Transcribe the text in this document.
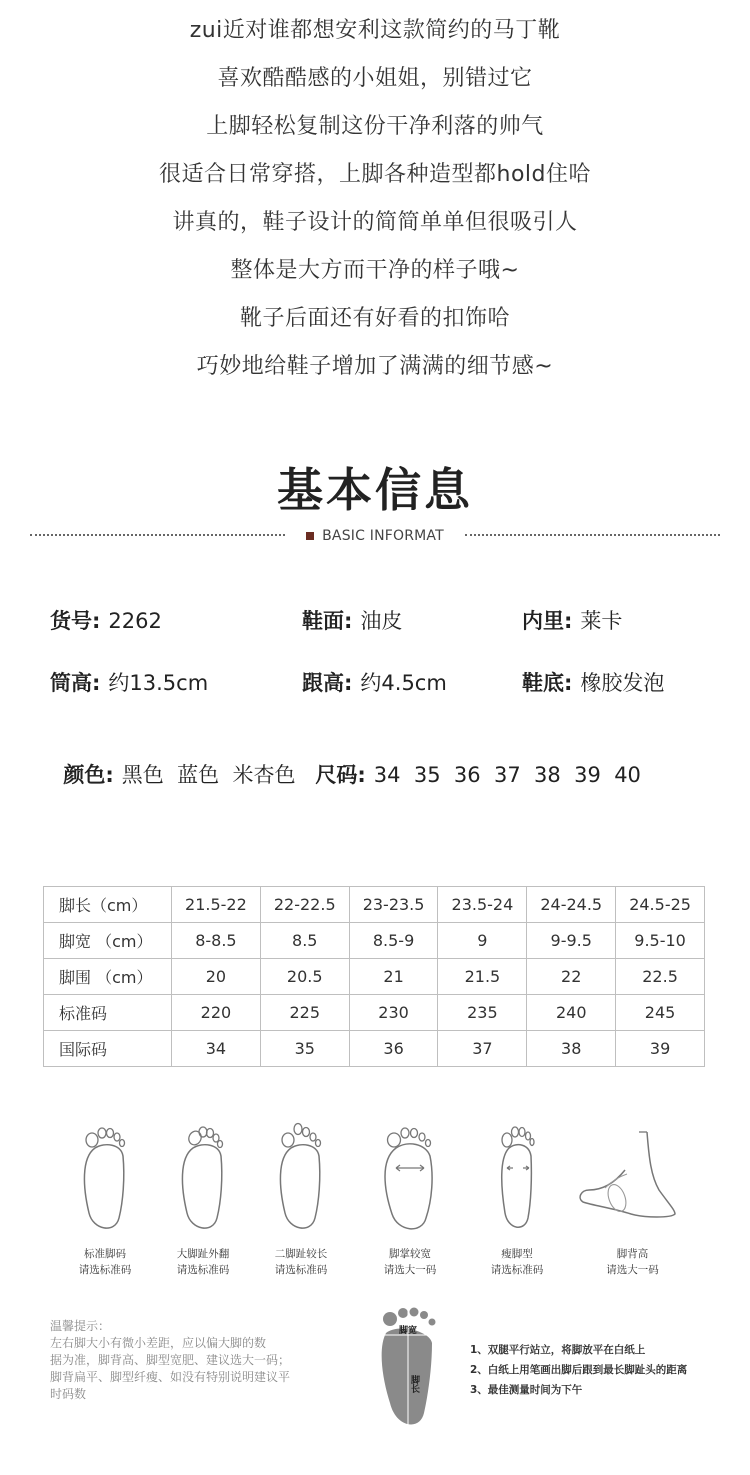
zui近对谁都想安利这款简约的马丁靴
喜欢酷酷感的小姐姐，别错过它
上脚轻松复制这份干净利落的帅气
很适合日常穿搭，上脚各种造型都hold住哈
讲真的，鞋子设计的简简单单但很吸引人
整体是大方而干净的样子哦~
靴子后面还有好看的扣饰哈
巧妙地给鞋子增加了满满的细节感~
基本信息
BASIC INFORMAT
货号: 2262	鞋面: 油皮	内里: 莱卡
筒高: 约13.5cm	跟高: 约4.5cm	鞋底: 橡胶发泡

颜色: 黑色  蓝色  米杏色 尺码: 34  35  36  37  38  39  40

脚长（cm）	21.5-22	22-22.5	23-23.5	23.5-24	24-24.5	24.5-25
脚宽 （cm）	8-8.5	8.5	8.5-9	9	9-9.5	9.5-10
脚围 （cm）	20	20.5	21	21.5	22	22.5
标准码	220	225	230	235	240	245
国际码	34	35	36	37	38	39
标准脚码
请选标准码
大脚趾外翻
请选标准码
二脚趾较长
请选标准码
脚掌较宽
请选大一码
瘦脚型
请选标准码
脚背高
请选大一码
温馨提示：
左右脚大小有微小差距，应以偏大脚的数
据为准，脚背高、脚型宽肥、建议选大一码；
脚背扁平、脚型纤瘦、如没有特别说明建议平
时码数
脚宽
脚长
1、双腿平行站立，将脚放平在白纸上
2、白纸上用笔画出脚后跟到最长脚趾头的距离
3、最佳测量时间为下午
